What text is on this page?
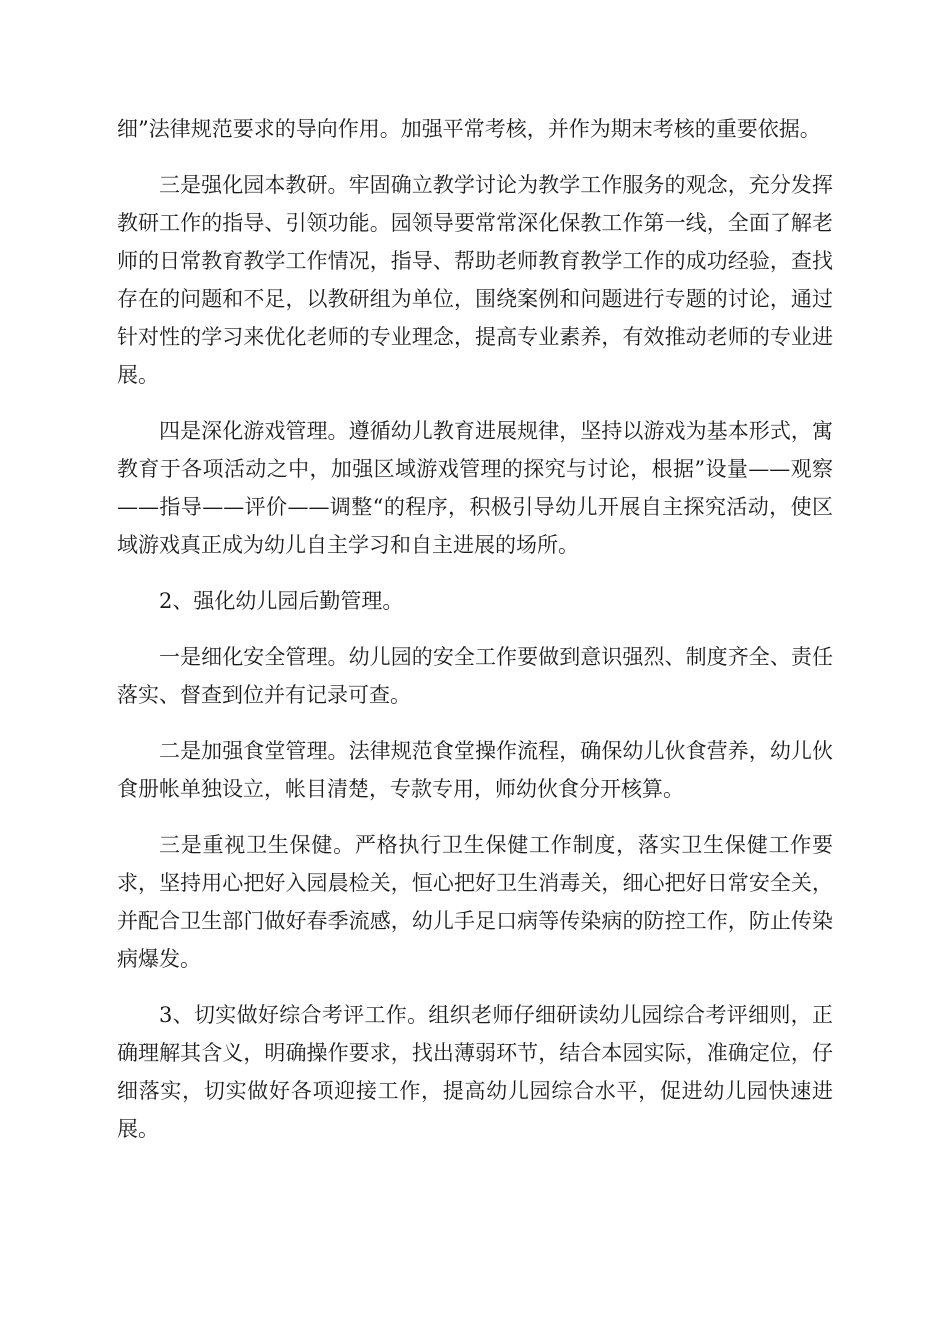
细”法律规范要求的导向作用。加强平常考核，并作为期末考核的重要依据。

三是强化园本教研。牢固确立教学讨论为教学工作服务的观念，充分发挥教研工作的指导、引领功能。园领导要常常深化保教工作第一线，全面了解老师的日常教育教学工作情况，指导、帮助老师教育教学工作的成功经验，查找存在的问题和不足，以教研组为单位，围绕案例和问题进行专题的讨论，通过针对性的学习来优化老师的专业理念，提高专业素养，有效推动老师的专业进展。

四是深化游戏管理。遵循幼儿教育进展规律，坚持以游戏为基本形式，寓教育于各项活动之中，加强区域游戏管理的探究与讨论，根据”设量——观察——指导——评价——调整“的程序，积极引导幼儿开展自主探究活动，使区域游戏真正成为幼儿自主学习和自主进展的场所。

2、强化幼儿园后勤管理。

一是细化安全管理。幼儿园的安全工作要做到意识强烈、制度齐全、责任落实、督查到位并有记录可查。

二是加强食堂管理。法律规范食堂操作流程，确保幼儿伙食营养，幼儿伙食册帐单独设立，帐目清楚，专款专用，师幼伙食分开核算。

三是重视卫生保健。严格执行卫生保健工作制度，落实卫生保健工作要求，坚持用心把好入园晨检关，恒心把好卫生消毒关，细心把好日常安全关，并配合卫生部门做好春季流感，幼儿手足口病等传染病的防控工作，防止传染病爆发。

3、切实做好综合考评工作。组织老师仔细研读幼儿园综合考评细则，正确理解其含义，明确操作要求，找出薄弱环节，结合本园实际，准确定位，仔细落实，切实做好各项迎接工作，提高幼儿园综合水平，促进幼儿园快速进展。
